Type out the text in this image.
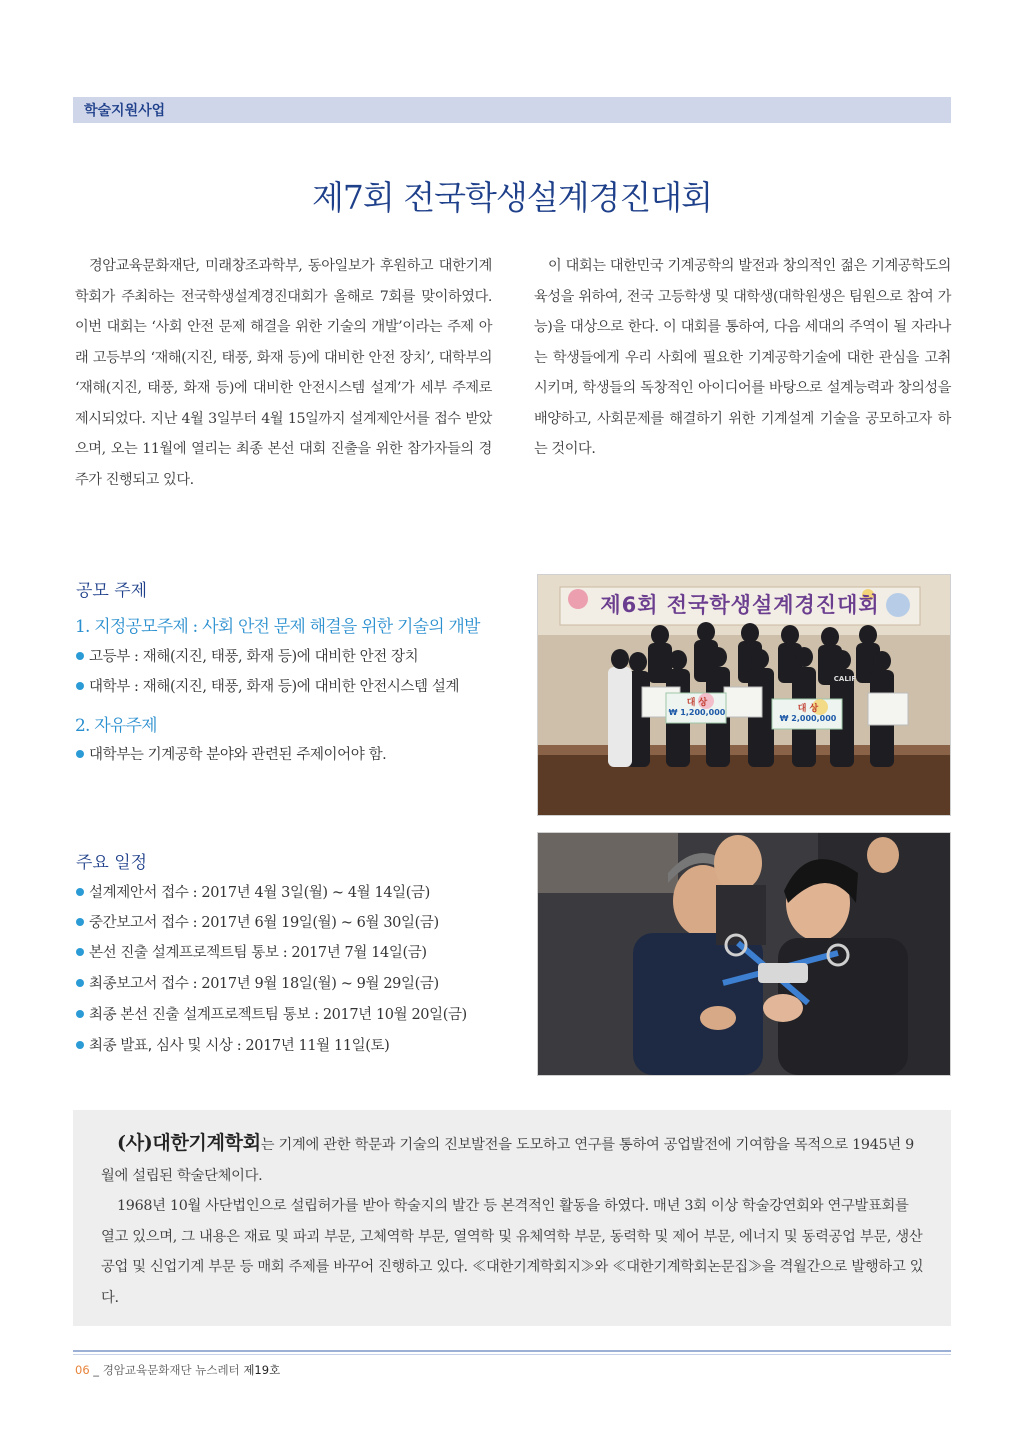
학술지원사업
제7회 전국학생설계경진대회

경암교육문화재단, 미래창조과학부, 동아일보가 후원하고 대한기계학회가 주최하는 전국학생설계경진대회가 올해로 7회를 맞이하였다. 이번 대회는 ‘사회 안전 문제 해결을 위한 기술의 개발’이라는 주제 아래 고등부의 ‘재해(지진, 태풍, 화재 등)에 대비한 안전 장치’, 대학부의 ‘재해(지진, 태풍, 화재 등)에 대비한 안전시스템 설계’가 세부 주제로 제시되었다. 지난 4월 3일부터 4월 15일까지 설계제안서를 접수 받았으며, 오는 11월에 열리는 최종 본선 대회 진출을 위한 참가자들의 경주가 진행되고 있다.

이 대회는 대한민국 기계공학의 발전과 창의적인 젊은 기계공학도의 육성을 위하여, 전국 고등학생 및 대학생(대학원생은 팀원으로 참여 가능)을 대상으로 한다. 이 대회를 통하여, 다음 세대의 주역이 될 자라나는 학생들에게 우리 사회에 필요한 기계공학기술에 대한 관심을 고취시키며, 학생들의 독창적인 아이디어를 바탕으로 설계능력과 창의성을 배양하고, 사회문제를 해결하기 위한 기계설계 기술을 공모하고자 하는 것이다.

공모 주제
1. 지정공모주제 : 사회 안전 문제 해결을 위한 기술의 개발
고등부 : 재해(지진, 태풍, 화재 등)에 대비한 안전 장치
대학부 : 재해(지진, 태풍, 화재 등)에 대비한 안전시스템 설계
2. 자유주제
대학부는 기계공학 분야와 관련된 주제이어야 함.
주요 일정
설계제안서 접수 : 2017년 4월 3일(월) ~ 4월 14일(금)
중간보고서 접수 : 2017년 6월 19일(월) ~ 6월 30일(금)
본선 진출 설계프로젝트팀 통보 : 2017년 7월 14일(금)
최종보고서 접수 : 2017년 9월 18일(월) ~ 9월 29일(금)
최종 본선 진출 설계프로젝트팀 통보 : 2017년 10월 20일(금)
최종 발표, 심사 및 시상 : 2017년 11월 11일(토)
제6회 전국학생설계경진대회
대 상
₩ 1,200,000	대 상
₩ 2,000,000
CALIF

(사)대한기계학회는 기계에 관한 학문과 기술의 진보발전을 도모하고 연구를 통하여 공업발전에 기여함을 목적으로 1945년 9월에 설립된 학술단체이다.

1968년 10월 사단법인으로 설립허가를 받아 학술지의 발간 등 본격적인 활동을 하였다. 매년 3회 이상 학술강연회와 연구발표회를 열고 있으며, 그 내용은 재료 및 파괴 부문, 고체역학 부문, 열역학 및 유체역학 부문, 동력학 및 제어 부문, 에너지 및 동력공업 부문, 생산공업 및 신업기계 부문 등 매회 주제를 바꾸어 진행하고 있다. ≪대한기계학회지≫와 ≪대한기계학회논문집≫을 격월간으로 발행하고 있다.

06 _ 경암교육문화재단 뉴스레터 제19호
